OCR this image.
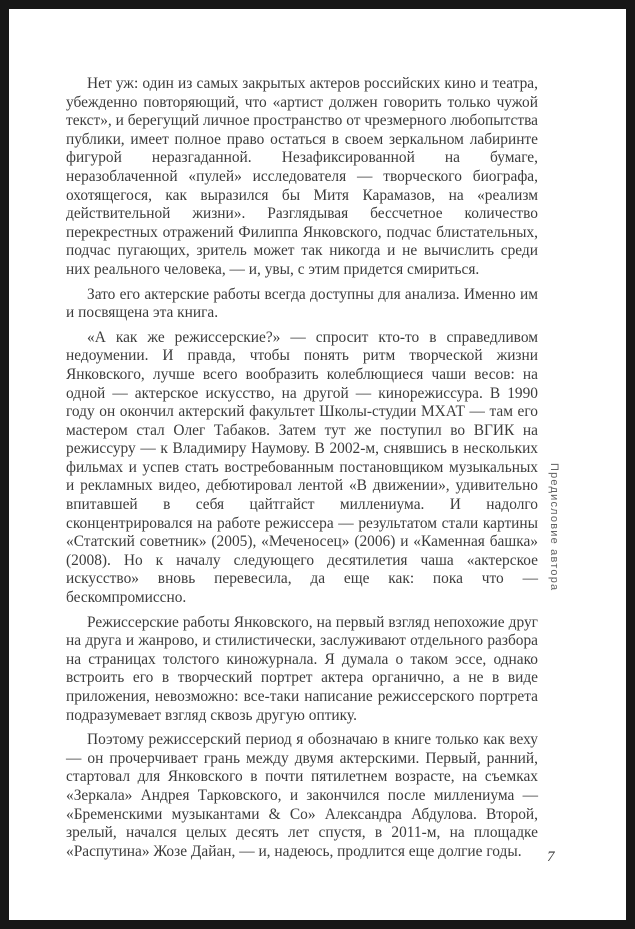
Нет уж: один из самых закрытых актеров российских кино и театра, убежденно повторяющий, что «артист должен говорить только чужой текст», и берегущий личное пространство от чрезмерного любопытства публики, имеет полное право остаться в своем зеркальном лабиринте фигурой неразгаданной. Незафиксированной на бумаге, неразоблаченной «пулей» исследователя — творческого биографа, охотящегося, как выразился бы Митя Карамазов, на «реализм действительной жизни». Разглядывая бессчетное количество перекрестных отражений Филиппа Янковского, подчас блистательных, подчас пугающих, зритель может так никогда и не вычислить среди них реального человека, — и, увы, с этим придется смириться.

Зато его актерские работы всегда доступны для анализа. Именно им и посвящена эта книга.

«А как же режиссерские?» — спросит кто-то в справедливом недоумении. И правда, чтобы понять ритм творческой жизни Янковского, лучше всего вообразить колеблющиеся чаши весов: на одной — актерское искусство, на другой — кинорежиссура. В 1990 году он окончил актерский факультет Школы-студии МХАТ — там его мастером стал Олег Табаков. Затем тут же поступил во ВГИК на режиссуру — к Владимиру Наумову. В 2002-м, снявшись в нескольких фильмах и успев стать востребованным постановщиком музыкальных и рекламных видео, дебютировал лентой «В движении», удивительно впитавшей в себя цайтгайст миллениума. И надолго сконцентрировался на работе режиссера — результатом стали картины «Статский советник» (2005), «Меченосец» (2006) и «Каменная башка» (2008). Но к началу следующего десятилетия чаша «актерское искусство» вновь перевесила, да еще как: пока что — бескомпромиссно.

Режиссерские работы Янковского, на первый взгляд непохожие друг на друга и жанрово, и стилистически, заслуживают отдельного разбора на страницах толстого киножурнала. Я думала о таком эссе, однако встроить его в творческий портрет актера органично, а не в виде приложения, невозможно: все-таки написание режиссерского портрета подразумевает взгляд сквозь другую оптику.

Поэтому режиссерский период я обозначаю в книге только как веху — он прочерчивает грань между двумя актерскими. Первый, ранний, стартовал для Янковского в почти пятилетнем возрасте, на съемках «Зеркала» Андрея Тарковского, и закончился после миллениума — «Бременскими музыкантами & Со» Александра Абдулова. Второй, зрелый, начался целых десять лет спустя, в 2011-м, на площадке «Распутина» Жозе Дайан, — и, надеюсь, продлится еще долгие годы.

Предисловие автора
7
